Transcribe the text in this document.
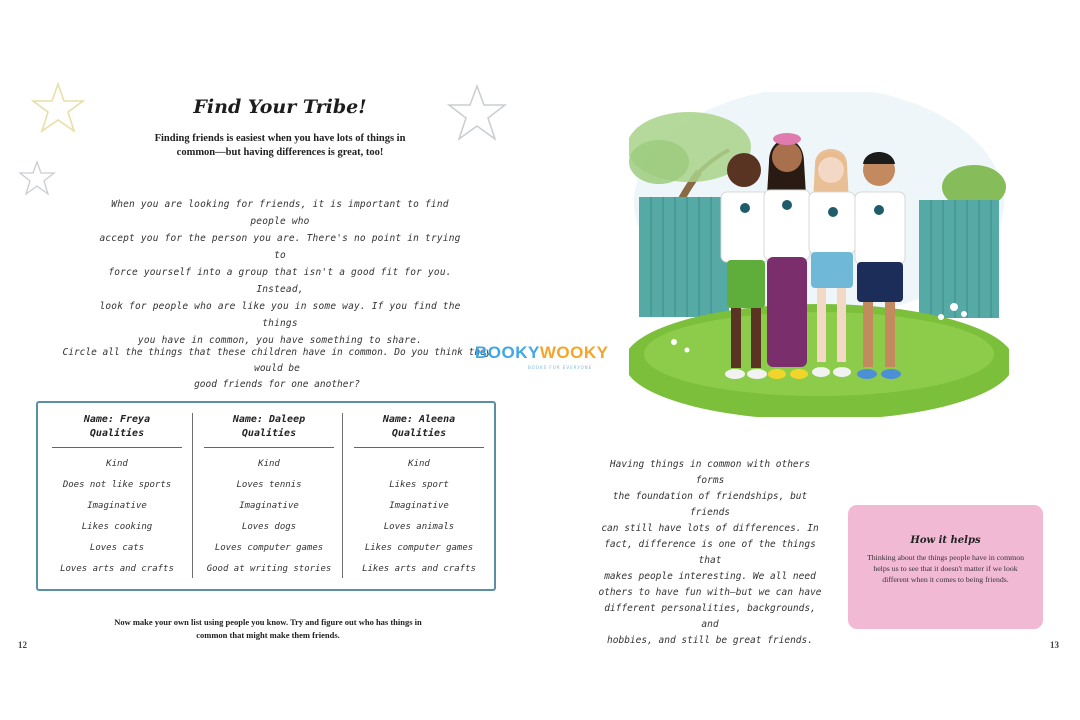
Find Your Tribe!
Finding friends is easiest when you have lots of things in
common—but having differences is great, too!
When you are looking for friends, it is important to find people who
accept you for the person you are. There's no point in trying to
force yourself into a group that isn't a good fit for you. Instead,
look for people who are like you in some way. If you find the things
you have in common, you have something to share.
Circle all the things that these children have in common. Do you think they would be
good friends for one another?
Name: Freya
Qualities
Kind
Does not like sports
Imaginative
Likes cooking
Loves cats
Loves arts and crafts
Name: Daleep
Qualities
Kind
Loves tennis
Imaginative
Loves dogs
Loves computer games
Good at writing stories
Name: Aleena
Qualities
Kind
Likes sport
Imaginative
Loves animals
Likes computer games
Likes arts and crafts
Now make your own list using people you know. Try and figure out who has things in
common that might make them friends.
12
Having things in common with others forms
the foundation of friendships, but friends
can still have lots of differences. In
fact, difference is one of the things that
makes people interesting. We all need
others to have fun with—but we can have
different personalities, backgrounds, and
hobbies, and still be great friends.
How it helps
Thinking about the things people have in common helps us to see that it doesn't matter if we look different when it comes to being friends.
13
BOOKYWOOKY
BOOKS FOR EVERYONE
